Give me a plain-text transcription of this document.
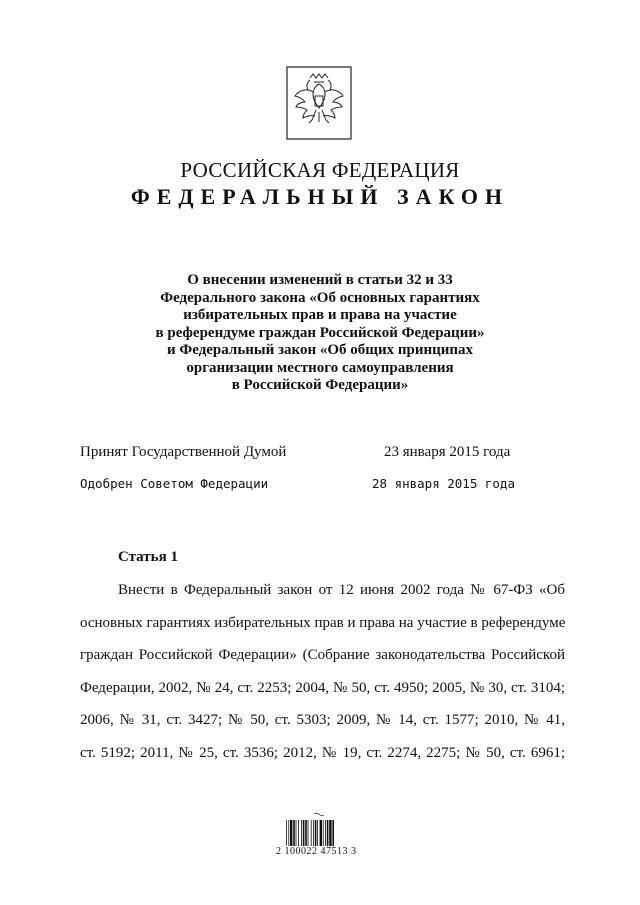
РОССИЙСКАЯ ФЕДЕРАЦИЯ
ФЕДЕРАЛЬНЫЙ ЗАКОН
О внесении изменений в статьи 32 и 33
Федерального закона «Об основных гарантиях
избирательных прав и права на участие
в референдуме граждан Российской Федерации»
и Федеральный закон «Об общих принципах
организации местного самоуправления
в Российской Федерации»
Принят Государственной Думой	23 января 2015 года
Одобрен Советом Федерации	28 января 2015 года
Статья 1
Внести в Федеральный закон от 12 июня 2002 года № 67-ФЗ «Об
основных гарантиях избирательных прав и права на участие в референдуме
граждан Российской Федерации» (Собрание законодательства Российской
Федерации, 2002, № 24, ст. 2253; 2004, № 50, ст. 4950; 2005, № 30, ст. 3104;
2006, № 31, ст. 3427; № 50, ст. 5303; 2009, № 14, ст. 1577; 2010, № 41,
ст. 5192; 2011, № 25, ст. 3536; 2012, № 19, ст. 2274, 2275; № 50, ст. 6961;
2 100022 47513 3
